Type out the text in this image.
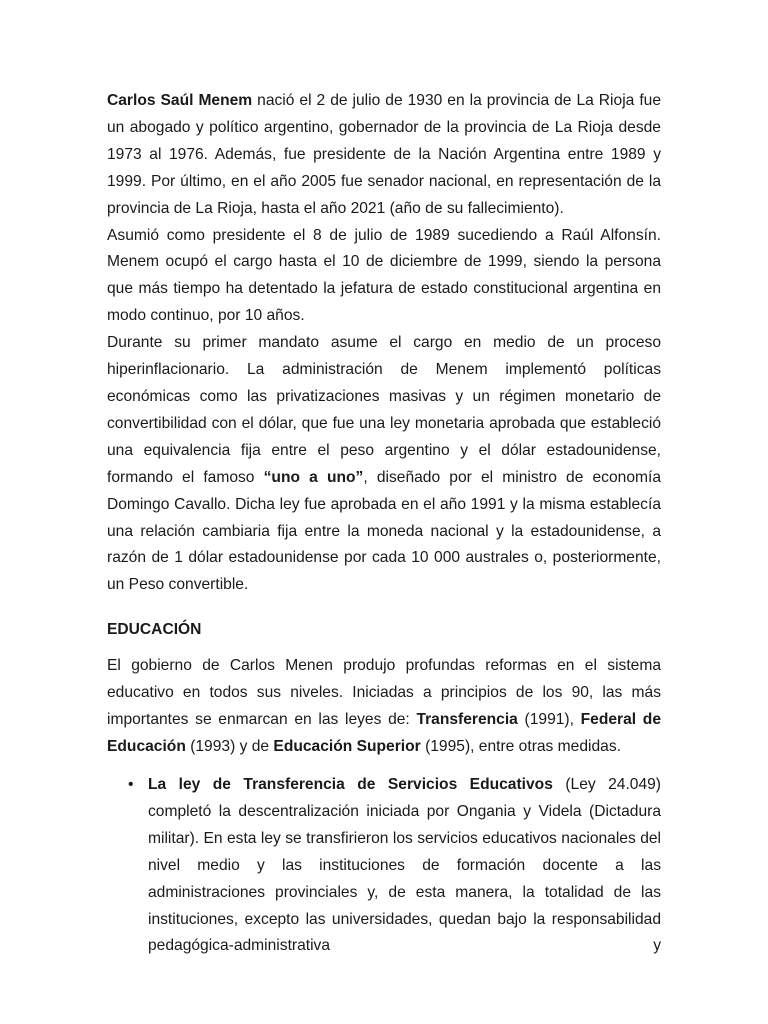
Carlos Saúl Menem nació el 2 de julio de 1930 en la provincia de La Rioja fue un abogado y político argentino, gobernador de la provincia de La Rioja desde 1973 al 1976. Además, fue presidente de la Nación Argentina entre 1989 y 1999. Por último, en el año 2005 fue senador nacional, en representación de la provincia de La Rioja, hasta el año 2021 (año de su fallecimiento).

Asumió como presidente el 8 de julio de 1989 sucediendo a Raúl Alfonsín. Menem ocupó el cargo hasta el 10 de diciembre de 1999, siendo la persona que más tiempo ha detentado la jefatura de estado constitucional argentina en modo continuo, por 10 años.

Durante su primer mandato asume el cargo en medio de un proceso hiperinflacionario. La administración de Menem implementó políticas económicas como las privatizaciones masivas y un régimen monetario de convertibilidad con el dólar, que fue una ley monetaria aprobada que estableció una equivalencia fija entre el peso argentino y el dólar estadounidense, formando el famoso “uno a uno”, diseñado por el ministro de economía Domingo Cavallo. Dicha ley fue aprobada en el año 1991 y la misma establecía una relación cambiaria fija entre la moneda nacional y la estadounidense, a razón de 1 dólar estadounidense por cada 10 000 australes o, posteriormente, un Peso convertible.

EDUCACIÓN

El gobierno de Carlos Menen produjo profundas reformas en el sistema educativo en todos sus niveles. Iniciadas a principios de los 90, las más importantes se enmarcan en las leyes de: Transferencia (1991), Federal de Educación (1993) y de Educación Superior (1995), entre otras medidas.

• La ley de Transferencia de Servicios Educativos (Ley 24.049) completó la descentralización iniciada por Ongania y Videla (Dictadura militar). En esta ley se transfirieron los servicios educativos nacionales del nivel medio y las instituciones de formación docente a las administraciones provinciales y, de esta manera, la totalidad de las instituciones, excepto las universidades, quedan bajo la responsabilidad pedagógica-administrativa y
